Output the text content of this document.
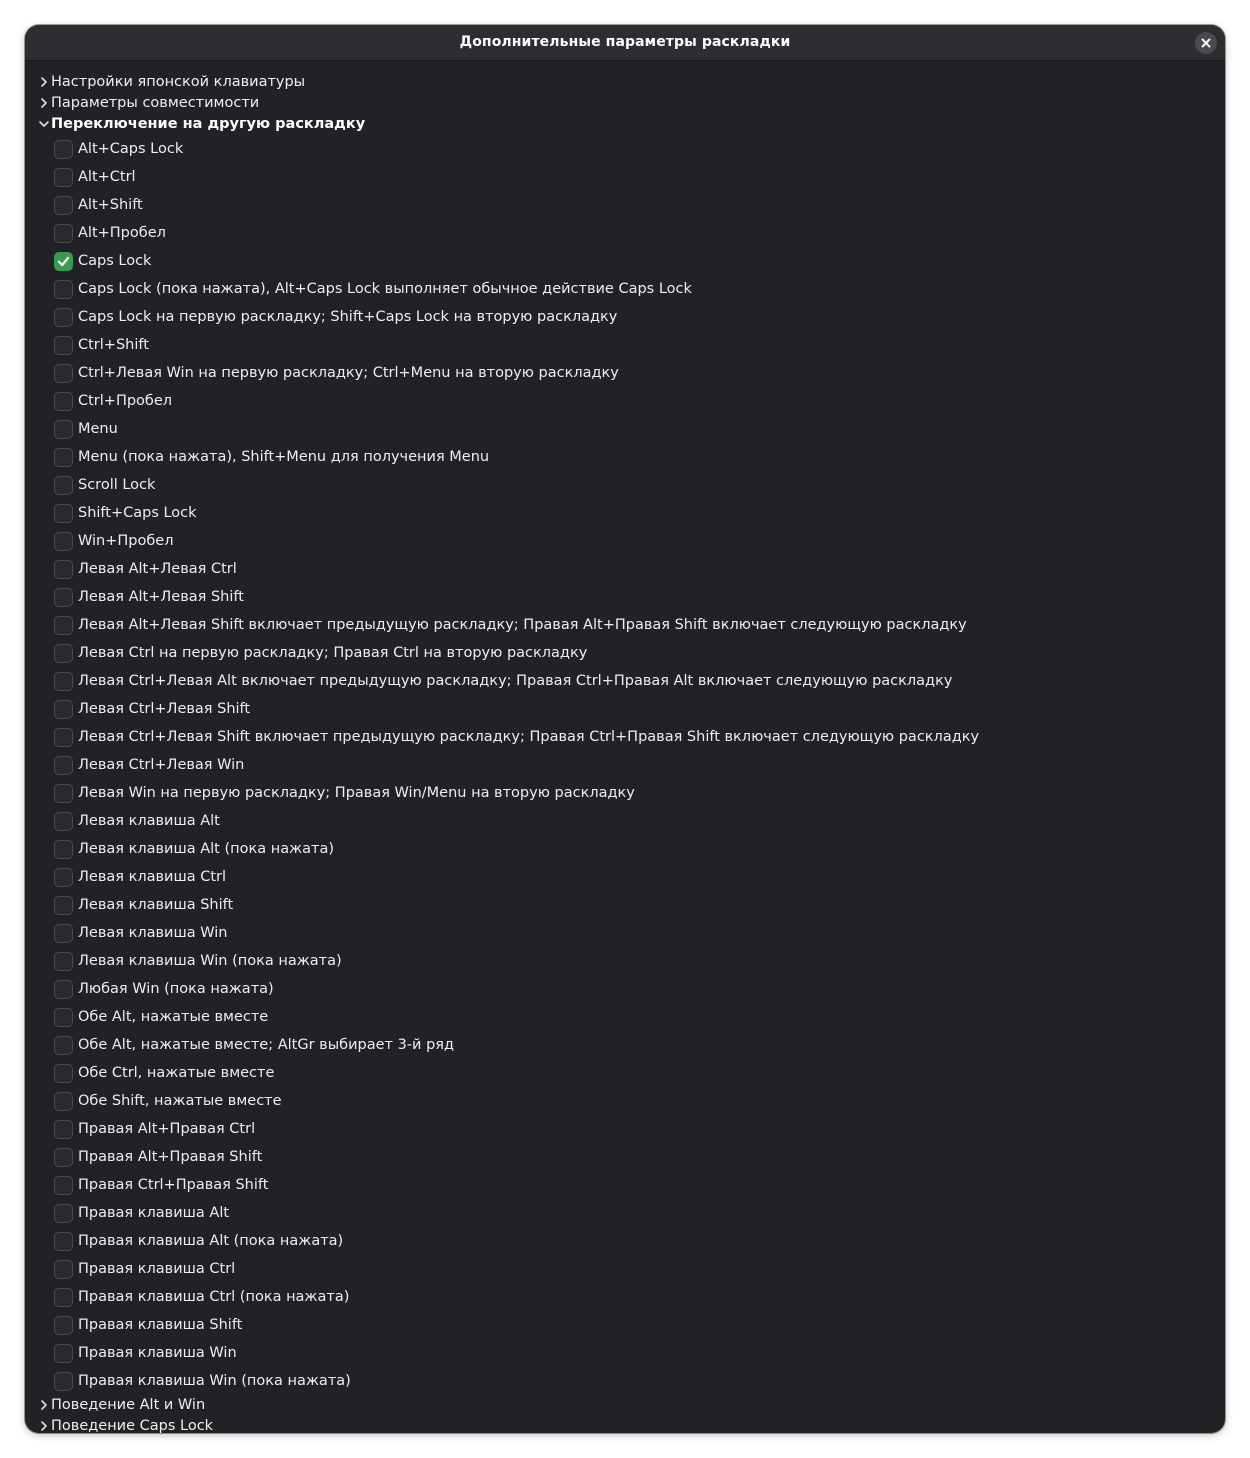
Дополнительные параметры раскладки
Настройки японской клавиатуры
Параметры совместимости
Переключение на другую раскладку
Alt+Caps Lock
Alt+Ctrl
Alt+Shift
Alt+Пробел
Caps Lock
Caps Lock (пока нажата), Alt+Caps Lock выполняет обычное действие Caps Lock
Caps Lock на первую раскладку; Shift+Caps Lock на вторую раскладку
Ctrl+Shift
Ctrl+Левая Win на первую раскладку; Ctrl+Menu на вторую раскладку
Ctrl+Пробел
Menu
Menu (пока нажата), Shift+Menu для получения Menu
Scroll Lock
Shift+Caps Lock
Win+Пробел
Левая Alt+Левая Ctrl
Левая Alt+Левая Shift
Левая Alt+Левая Shift включает предыдущую раскладку; Правая Alt+Правая Shift включает следующую раскладку
Левая Ctrl на первую раскладку; Правая Ctrl на вторую раскладку
Левая Ctrl+Левая Alt включает предыдущую раскладку; Правая Ctrl+Правая Alt включает следующую раскладку
Левая Ctrl+Левая Shift
Левая Ctrl+Левая Shift включает предыдущую раскладку; Правая Ctrl+Правая Shift включает следующую раскладку
Левая Ctrl+Левая Win
Левая Win на первую раскладку; Правая Win/Menu на вторую раскладку
Левая клавиша Alt
Левая клавиша Alt (пока нажата)
Левая клавиша Ctrl
Левая клавиша Shift
Левая клавиша Win
Левая клавиша Win (пока нажата)
Любая Win (пока нажата)
Обе Alt, нажатые вместе
Обе Alt, нажатые вместе; AltGr выбирает 3-й ряд
Обе Ctrl, нажатые вместе
Обе Shift, нажатые вместе
Правая Alt+Правая Ctrl
Правая Alt+Правая Shift
Правая Ctrl+Правая Shift
Правая клавиша Alt
Правая клавиша Alt (пока нажата)
Правая клавиша Ctrl
Правая клавиша Ctrl (пока нажата)
Правая клавиша Shift
Правая клавиша Win
Правая клавиша Win (пока нажата)
Поведение Alt и Win
Поведение Caps Lock
